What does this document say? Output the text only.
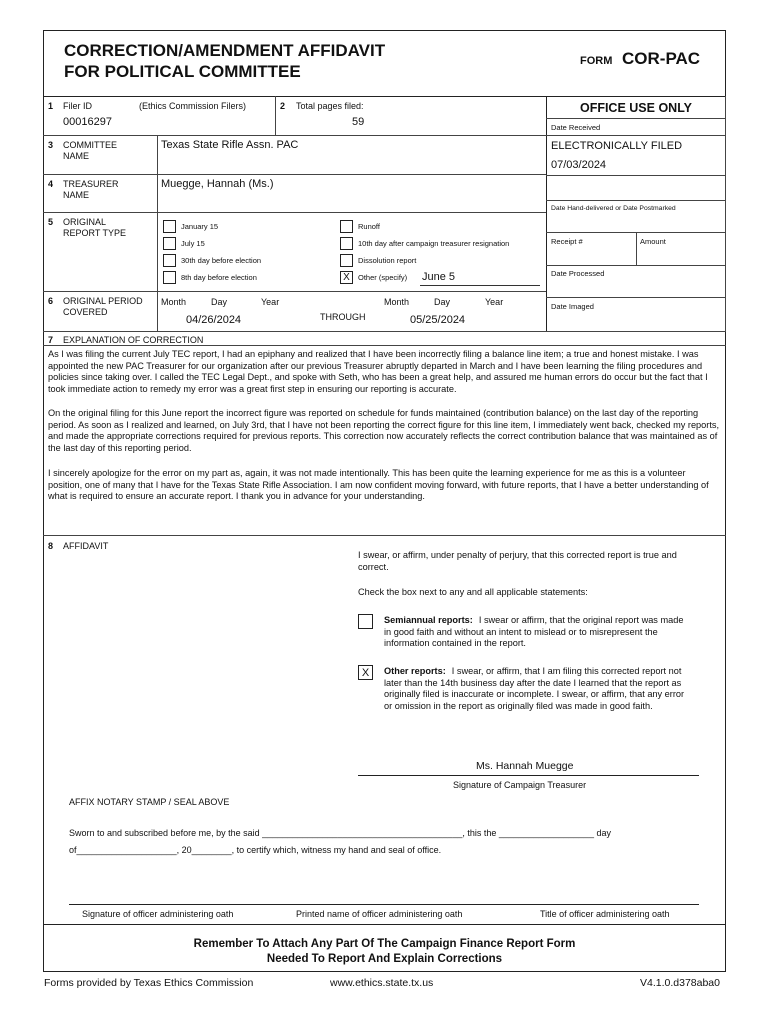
CORRECTION/AMENDMENT AFFIDAVIT
FOR POLITICAL COMMITTEE
FORM COR-PAC
1 Filer ID	(Ethics Commission Filers)
00016297
2 Total pages filed:
59
3 COMMITTEE
NAME
Texas State Rifle Assn. PAC
4 TREASURER
NAME
Muegge, Hannah (Ms.)
5 ORIGINAL
REPORT TYPE
January 15
July 15
30th day before election
8th day before election
Runoff
10th day after campaign treasurer resignation
Dissolution report
X	Other (specify) June 5
6 ORIGINAL PERIOD
COVERED
Month	Day	Year
04/26/2024	THROUGH
Month	Day	Year
05/25/2024
OFFICE USE ONLY
Date Received
ELECTRONICALLY FILED
07/03/2024
Date Hand-delivered or Date Postmarked
Receipt #	Amount
Date Processed
Date Imaged
7 EXPLANATION OF CORRECTION
As I was filing the current July TEC report, I had an epiphany and realized that I have been incorrectly filing a balance line item; a true and honest mistake. I was appointed the new PAC Treasurer for our organization after our previous Treasurer abruptly departed in March and I have been learning the filing procedures and policies since taking over. I called the TEC Legal Dept., and spoke with Seth, who has been a great help, and assured me human errors do occur but the fact that I took immediate action to remedy my error was a great first step in ensuring our reporting is accurate.
On the original filing for this June report the incorrect figure was reported on schedule for funds maintained (contribution balance) on the last day of the reporting period. As soon as I realized and learned, on July 3rd, that I have not been reporting the correct figure for this line item, I immediately went back, checked my reports, and made the appropriate corrections required for previous reports. This correction now accurately reflects the correct contribution balance that was maintained as of the last day of this reporting period.
I sincerely apologize for the error on my part as, again, it was not made intentionally. This has been quite the learning experience for me as this is a volunteer position, one of many that I have for the Texas State Rifle Association. I am now confident moving forward, with future reports, that I have a better understanding of what is required to ensure an accurate report. I thank you in advance for your understanding.
8 AFFIDAVIT
I swear, or affirm, under penalty of perjury, that this corrected report is true and correct.
Check the box next to any and all applicable statements:
Semiannual reports: I swear or affirm, that the original report was made in good faith and without an intent to mislead or to misrepresent the information contained in the report.
X	Other reports: I swear, or affirm, that I am filing this corrected report not later than the 14th business day after the date I learned that the report as originally filed is inaccurate or incomplete. I swear, or affirm, that any error or omission in the report as originally filed was made in good faith.
Ms. Hannah Muegge
Signature of Campaign Treasurer
AFFIX NOTARY STAMP / SEAL ABOVE
Sworn to and subscribed before me, by the said ________________________________________, this the ___________________ day
of____________________, 20________, to certify which, witness my hand and seal of office.
Signature of officer administering oath	Printed name of officer administering oath	Title of officer administering oath
Remember To Attach Any Part Of The Campaign Finance Report Form
Needed To Report And Explain Corrections
Forms provided by Texas Ethics Commission	www.ethics.state.tx.us	V4.1.0.d378aba0
